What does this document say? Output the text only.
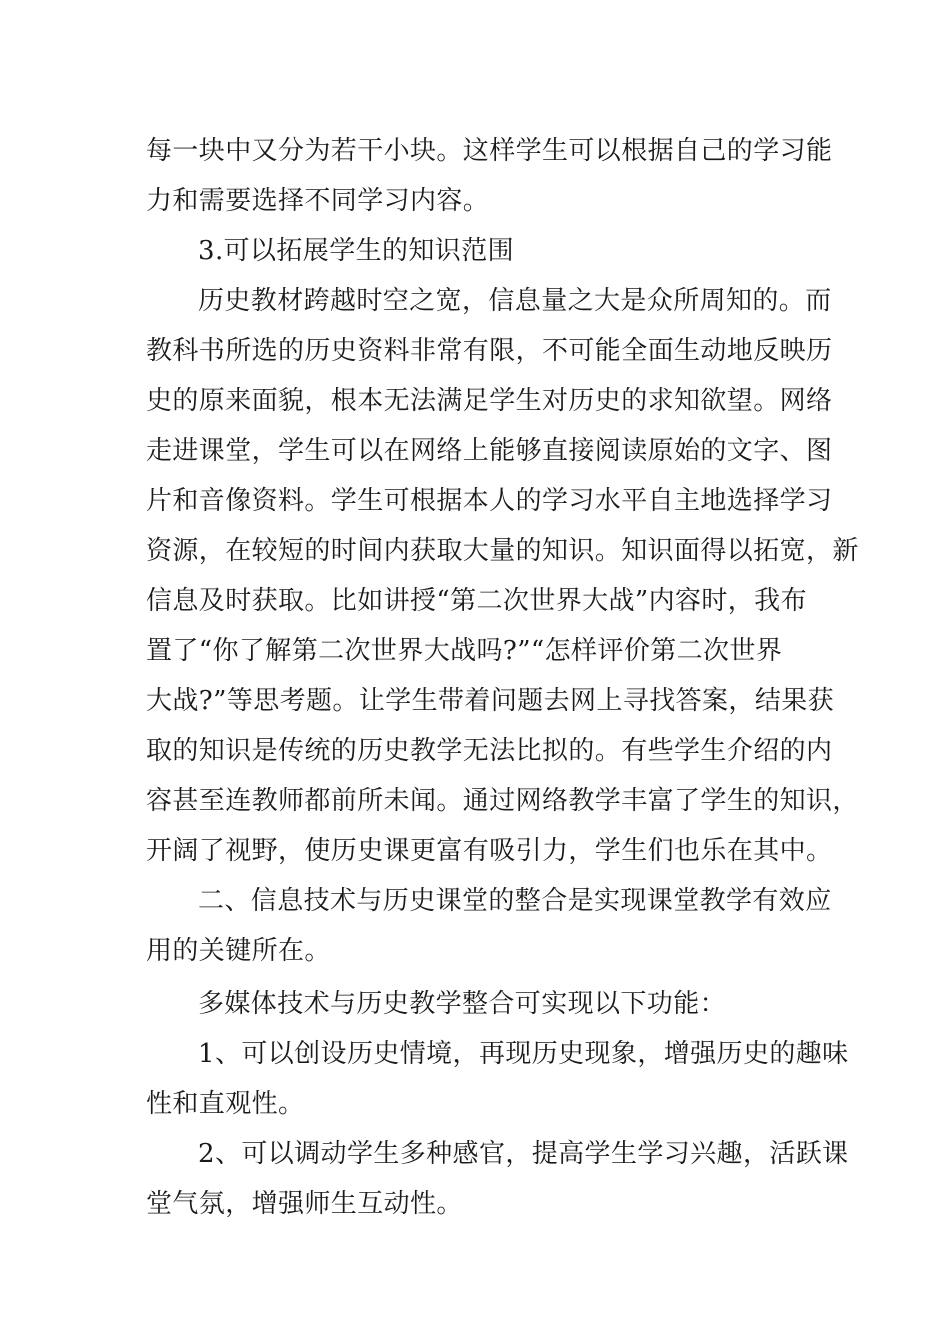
每一块中又分为若干小块。这样学生可以根据自己的学习能
力和需要选择不同学习内容。
3.可以拓展学生的知识范围
历史教材跨越时空之宽，信息量之大是众所周知的。而
教科书所选的历史资料非常有限，不可能全面生动地反映历
史的原来面貌，根本无法满足学生对历史的求知欲望。网络
走进课堂，学生可以在网络上能够直接阅读原始的文字、图
片和音像资料。学生可根据本人的学习水平自主地选择学习
资源，在较短的时间内获取大量的知识。知识面得以拓宽，新
信息及时获取。比如讲授“第二次世界大战”内容时，我布
置了“你了解第二次世界大战吗?”“怎样评价第二次世界
大战?”等思考题。让学生带着问题去网上寻找答案，结果获
取的知识是传统的历史教学无法比拟的。有些学生介绍的内
容甚至连教师都前所未闻。通过网络教学丰富了学生的知识，
开阔了视野，使历史课更富有吸引力，学生们也乐在其中。
二、信息技术与历史课堂的整合是实现课堂教学有效应
用的关键所在。
多媒体技术与历史教学整合可实现以下功能：
1、可以创设历史情境，再现历史现象，增强历史的趣味
性和直观性。
2、可以调动学生多种感官，提高学生学习兴趣，活跃课
堂气氛，增强师生互动性。
